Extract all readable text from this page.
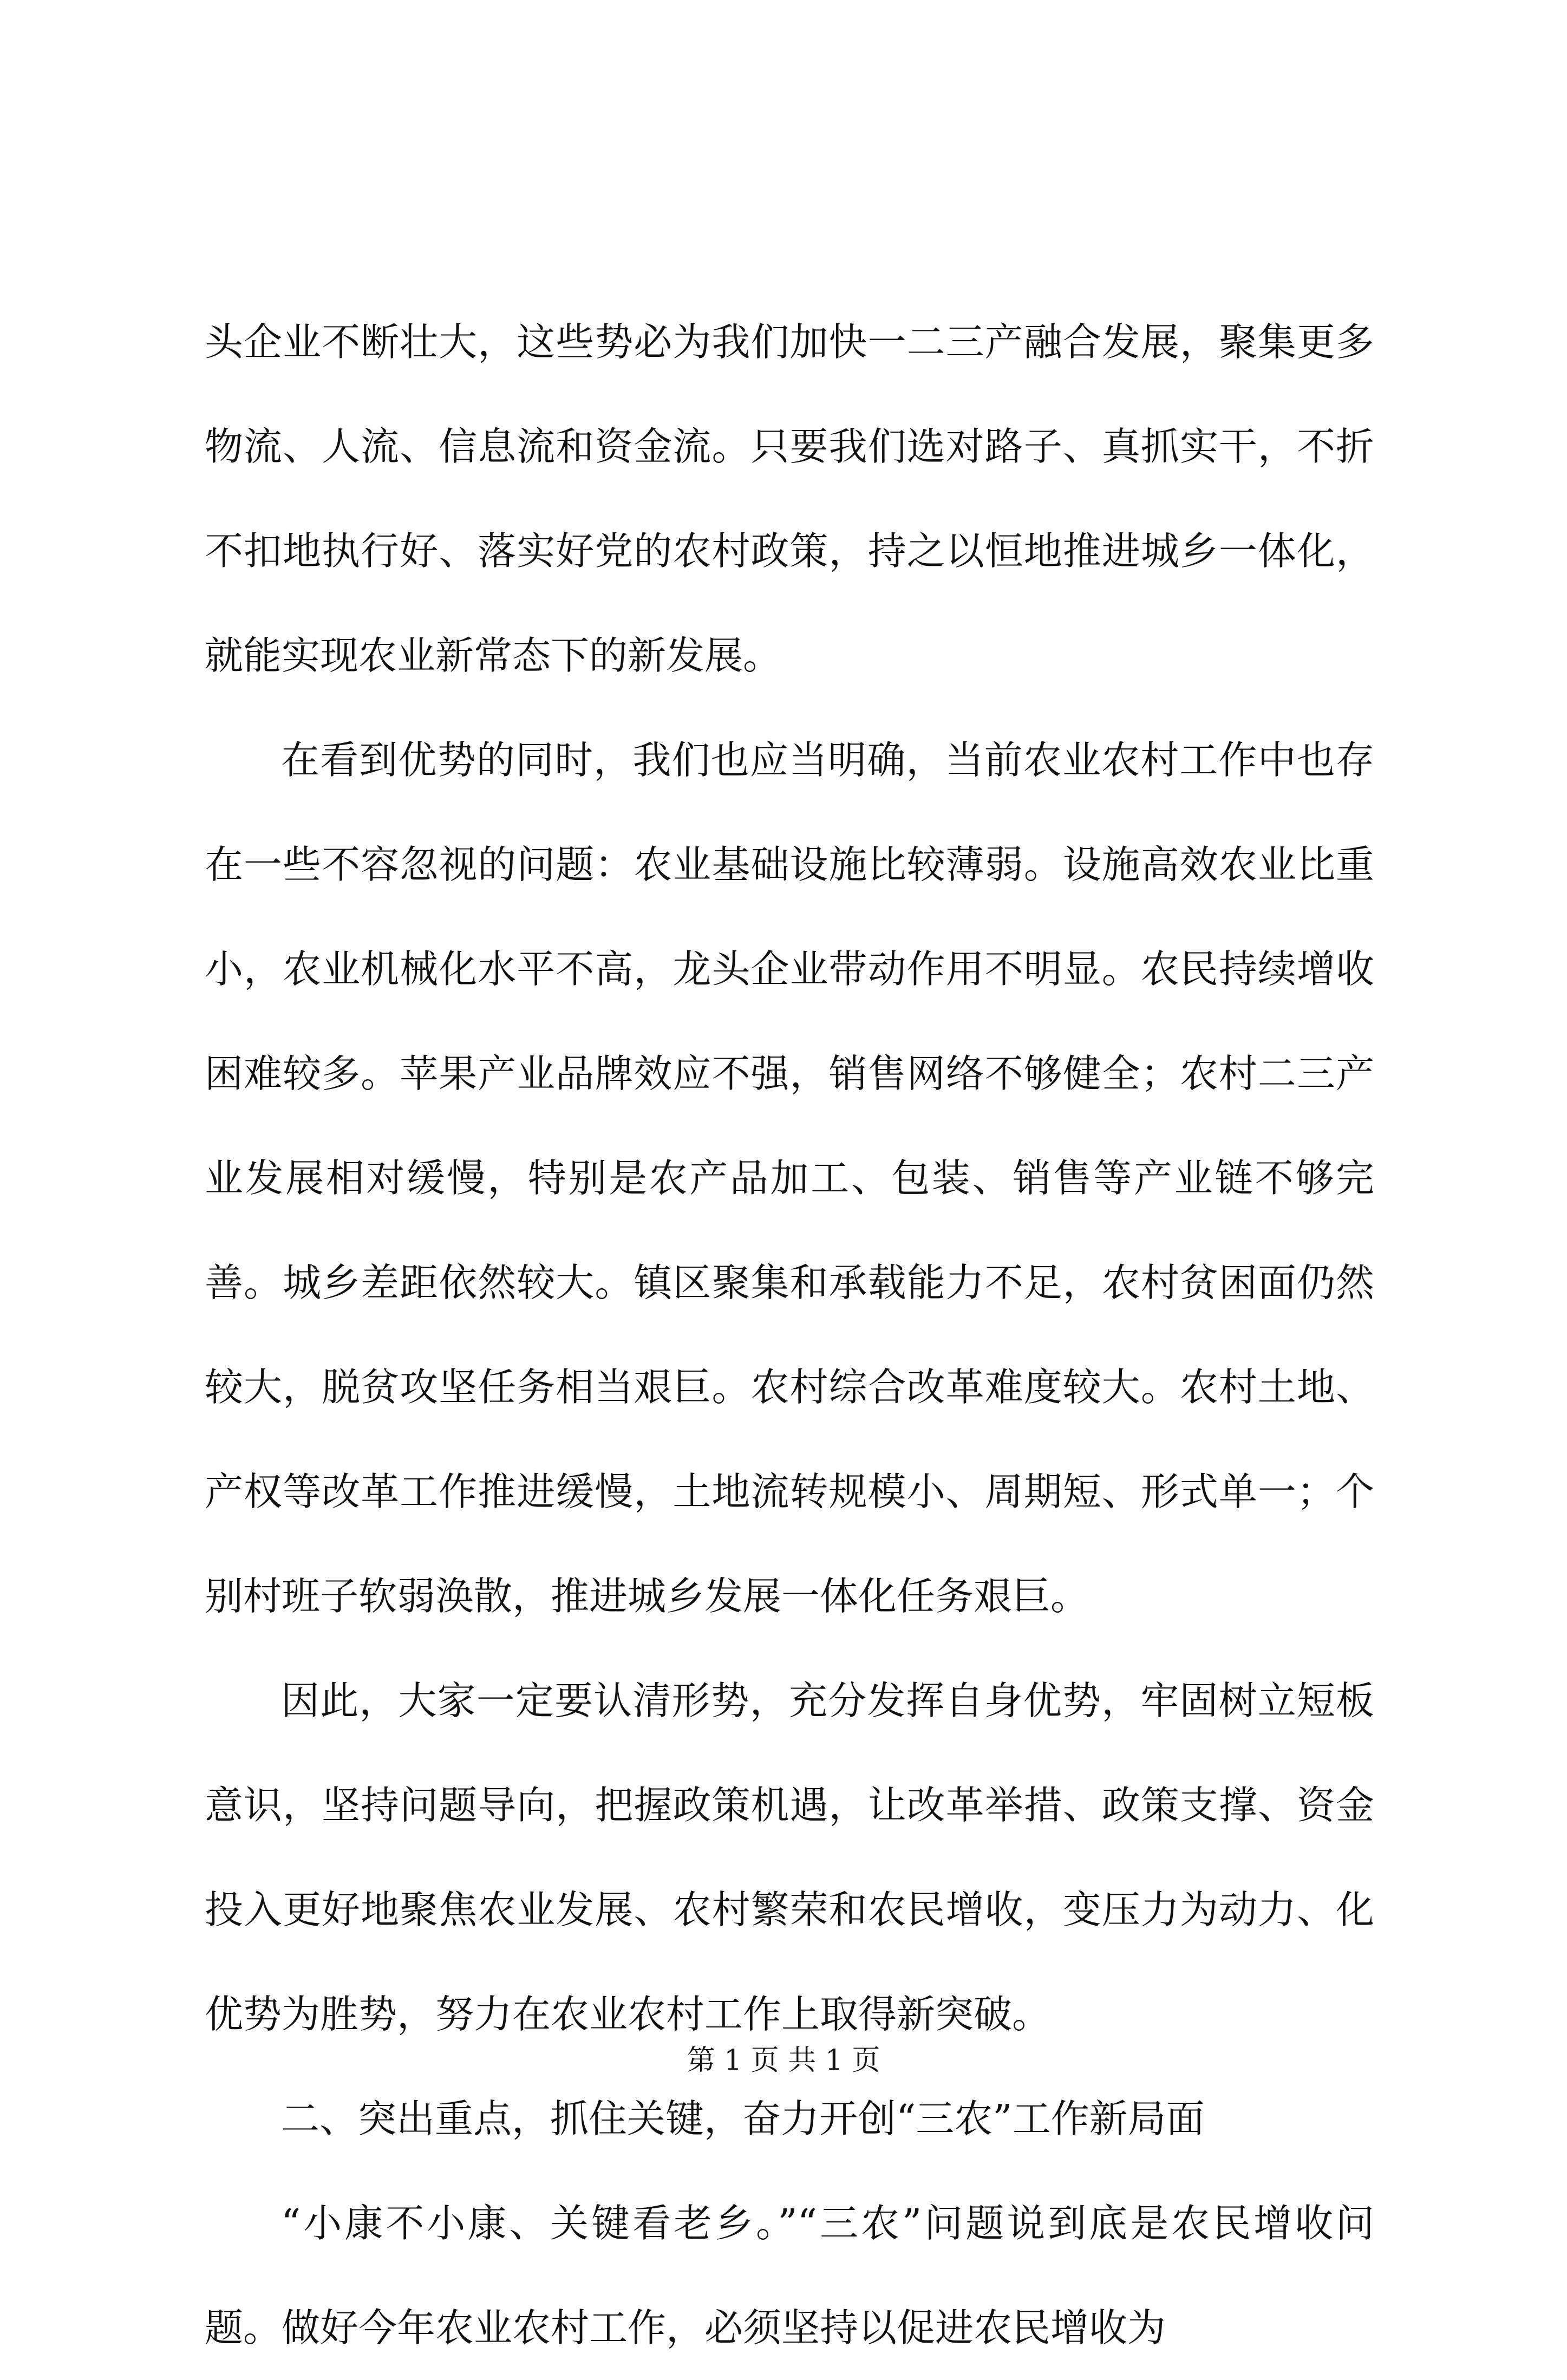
头企业不断壮大，这些势必为我们加快一二三产融合发展，聚集更多物流、人流、信息流和资金流。只要我们选对路子、真抓实干，不折不扣地执行好、落实好党的农村政策，持之以恒地推进城乡一体化，就能实现农业新常态下的新发展。

在看到优势的同时，我们也应当明确，当前农业农村工作中也存在一些不容忽视的问题：农业基础设施比较薄弱。设施高效农业比重小，农业机械化水平不高，龙头企业带动作用不明显。农民持续增收困难较多。苹果产业品牌效应不强，销售网络不够健全；农村二三产业发展相对缓慢，特别是农产品加工、包装、销售等产业链不够完善。城乡差距依然较大。镇区聚集和承载能力不足，农村贫困面仍然较大，脱贫攻坚任务相当艰巨。农村综合改革难度较大。农村土地、产权等改革工作推进缓慢，土地流转规模小、周期短、形式单一；个别村班子软弱涣散，推进城乡发展一体化任务艰巨。

因此，大家一定要认清形势，充分发挥自身优势，牢固树立短板意识，坚持问题导向，把握政策机遇，让改革举措、政策支撑、资金投入更好地聚焦农业发展、农村繁荣和农民增收，变压力为动力、化优势为胜势，努力在农业农村工作上取得新突破。

二、突出重点，抓住关键，奋力开创“三农”工作新局面

“小康不小康、关键看老乡。”“三农”问题说到底是农民增收问题。做好今年农业农村工作，必须坚持以促进农民增收为

第 1 页 共 1 页
